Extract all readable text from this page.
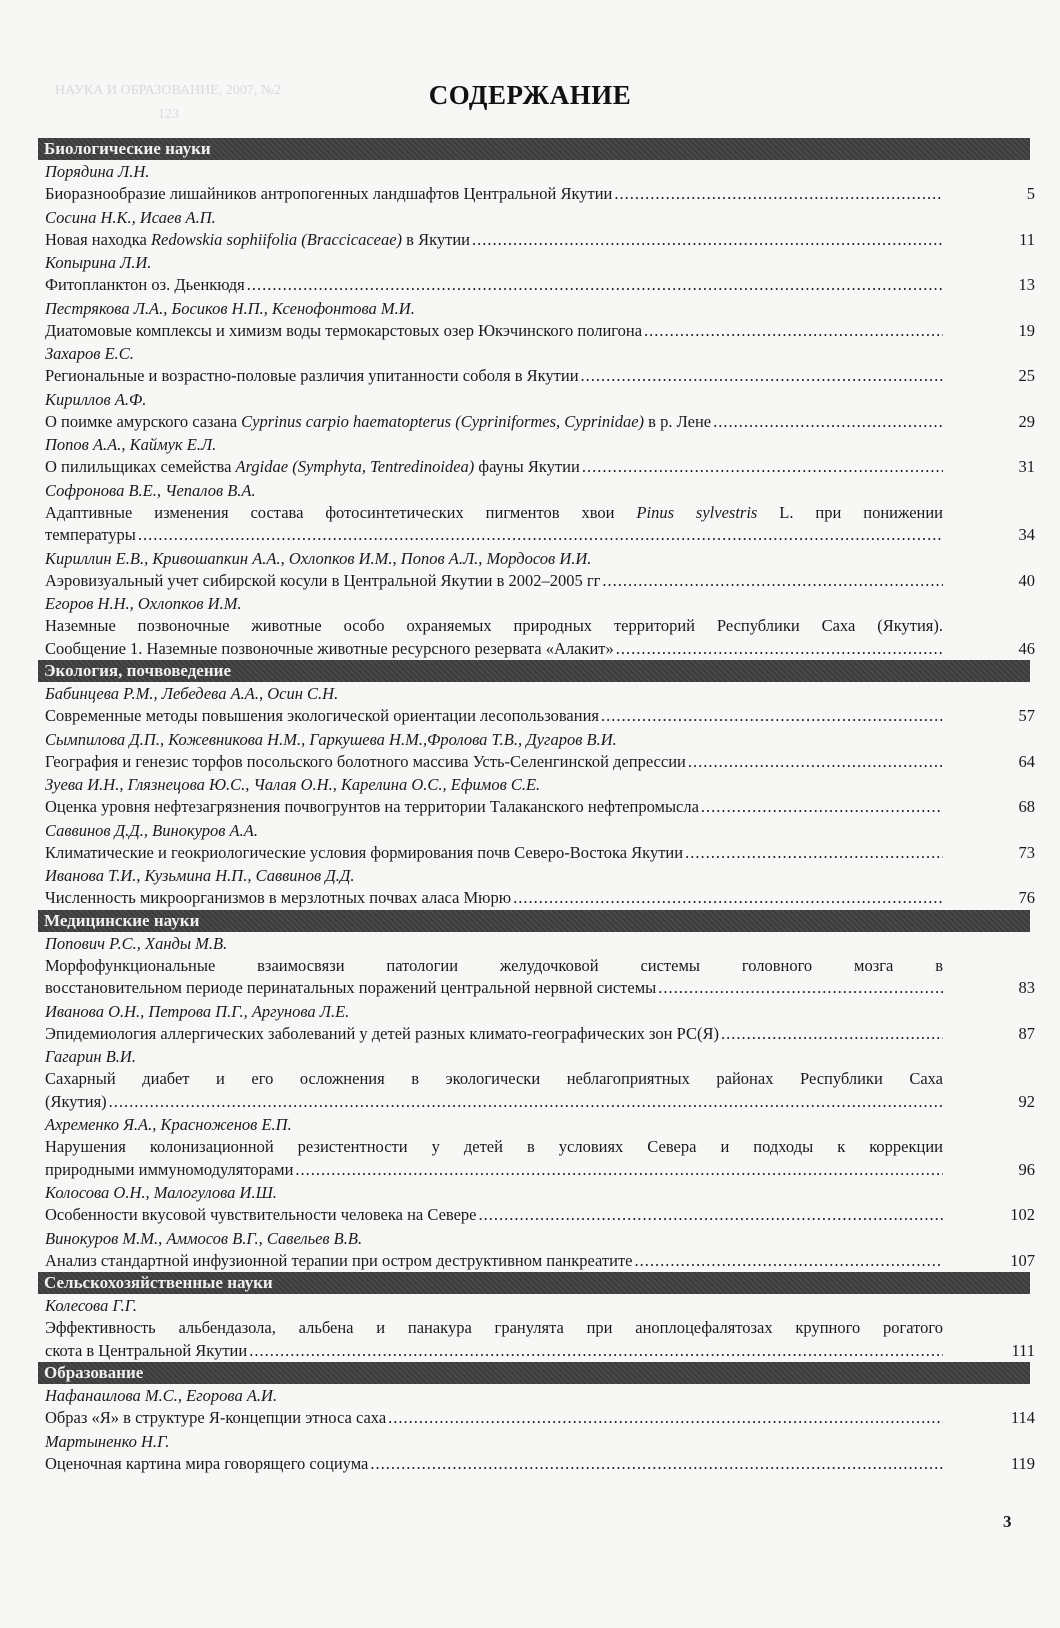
НАУКА И ОБРАЗОВАНИЕ, 2007, №2
123
СОДЕРЖАНИЕ
Биологические науки
Порядина Л.Н.
Биоразнообразие лишайников антропогенных ландшафтов Центральной Якутии .....	5
Сосина Н.К., Исаев А.П.
Новая находка Redowskia sophiifolia (Braccicaceae) в Якутии .....	11
Копырина Л.И.
Фитопланктон оз. Дьенкюдя .....	13
Пестрякова Л.А., Босиков Н.П., Ксенофонтова М.И.
Диатомовые комплексы и химизм воды термокарстовых озер Юкэчинского полигона .....	19
Захаров Е.С.
Региональные и возрастно-половые различия упитанности соболя в Якутии .....	25
Кириллов А.Ф.
О поимке амурского сазана Cyprinus carpio haematopterus (Cypriniformes, Cyprinidae) в р. Лене .....	29
Попов А.А., Каймук Е.Л.
О пилильщиках семейства Argidae (Symphyta, Tentredinoidea) фауны Якутии .....	31
Софронова В.Е., Чепалов В.А.
Адаптивные изменения состава фотосинтетических пигментов хвои Pinus sylvestris L. при понижении
температуры .....	34
Кириллин Е.В., Кривошапкин А.А., Охлопков И.М., Попов А.Л., Мордосов И.И.
Аэровизуальный учет сибирской косули в Центральной Якутии в 2002–2005 гг .....	40
Егоров Н.Н., Охлопков И.М.
Наземные позвоночные животные особо охраняемых природных территорий Республики Саха (Якутия).
Сообщение 1. Наземные позвоночные животные ресурсного резервата «Алакит» .....	46
Экология, почвоведение
Бабинцева Р.М., Лебедева А.А., Осин С.Н.
Современные методы повышения экологической ориентации лесопользования .....	57
Сымпилова Д.П., Кожевникова Н.М., Гаркушева Н.М.,Фролова Т.В., Дугаров В.И.
География и генезис торфов посольского болотного массива Усть-Селенгинской депрессии .....	64
Зуева И.Н., Глязнецова Ю.С., Чалая О.Н., Карелина О.С., Ефимов С.Е.
Оценка уровня нефтезагрязнения почвогрунтов на территории Талаканского нефтепромысла .....	68
Саввинов Д.Д., Винокуров А.А.
Климатические и геокриологические условия формирования почв Северо-Востока Якутии .....	73
Иванова Т.И., Кузьмина Н.П., Саввинов Д.Д.
Численность микроорганизмов в мерзлотных почвах аласа Мюрю .....	76
Медицинские науки
Попович Р.С., Ханды М.В.
Морфофункциональные взаимосвязи патологии желудочковой системы головного мозга в
восстановительном периоде перинатальных поражений центральной нервной системы .....	83
Иванова О.Н., Петрова П.Г., Аргунова Л.Е.
Эпидемиология аллергических заболеваний у детей разных климато-географических зон РС(Я) .....	87
Гагарин В.И.
Сахарный диабет и его осложнения в экологически неблагоприятных районах Республики Саха
(Якутия) .....	92
Ахременко Я.А., Красноженов Е.П.
Нарушения колонизационной резистентности у детей в условиях Севера и подходы к коррекции
природными иммуномодуляторами .....	96
Колосова О.Н., Малогулова И.Ш.
Особенности вкусовой чувствительности человека на Севере .....	102
Винокуров М.М., Аммосов В.Г., Савельев В.В.
Анализ стандартной инфузионной терапии при остром деструктивном панкреатите .....	107
Сельскохозяйственные науки
Колесова Г.Г.
Эффективность альбендазола, альбена и панакура гранулята при аноплоцефалятозах крупного рогатого
скота в Центральной Якутии .....	111
Образование
Нафанаилова М.С., Егорова А.И.
Образ «Я» в структуре Я-концепции этноса саха .....	114
Мартыненко Н.Г.
Оценочная картина мира говорящего социума .....	119
3
